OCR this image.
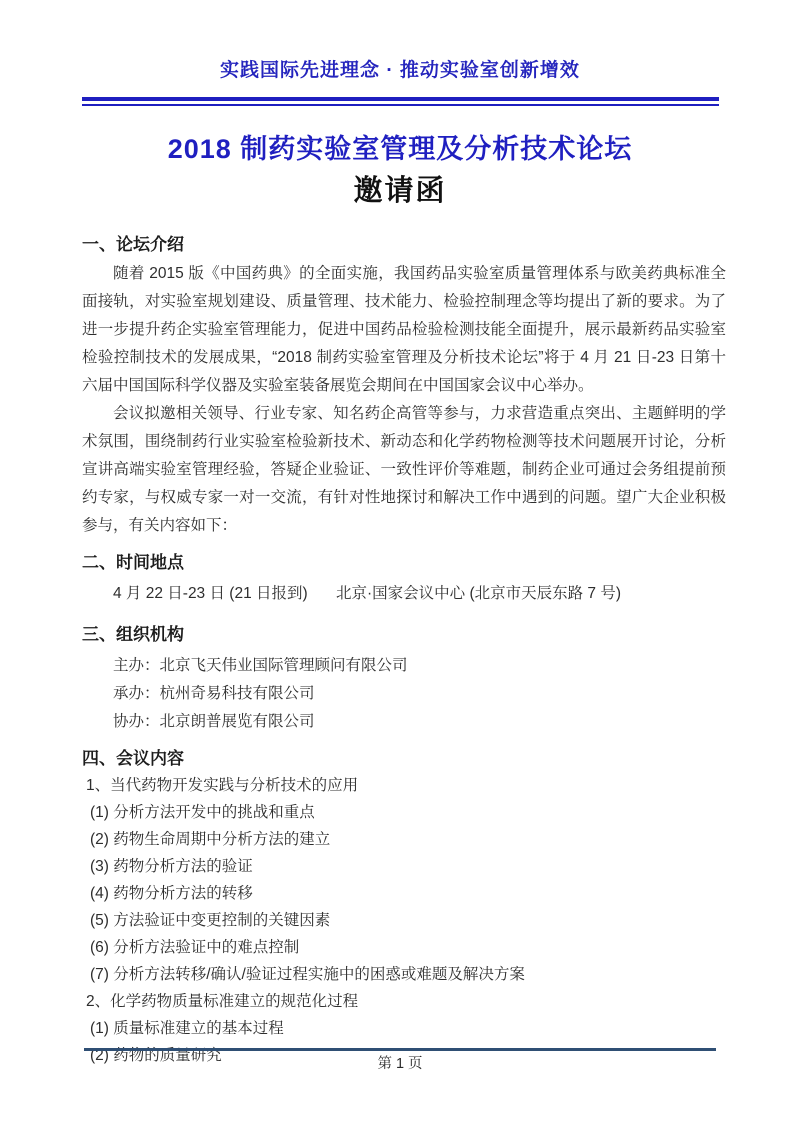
实践国际先进理念 · 推动实验室创新增效
2018 制药实验室管理及分析技术论坛
邀请函
一、论坛介绍

随着 2015 版《中国药典》的全面实施，我国药品实验室质量管理体系与欧美药典标准全面接轨，对实验室规划建设、质量管理、技术能力、检验控制理念等均提出了新的要求。为了进一步提升药企实验室管理能力，促进中国药品检验检测技能全面提升，展示最新药品实验室检验控制技术的发展成果，“2018 制药实验室管理及分析技术论坛”将于 4 月 21 日-23 日第十六届中国国际科学仪器及实验室装备展览会期间在中国国家会议中心举办。

会议拟邀相关领导、行业专家、知名药企高管等参与，力求营造重点突出、主题鲜明的学术氛围，围绕制药行业实验室检验新技术、新动态和化学药物检测等技术问题展开讨论，分析宣讲高端实验室管理经验，答疑企业验证、一致性评价等难题，制药企业可通过会务组提前预约专家，与权威专家一对一交流，有针对性地探讨和解决工作中遇到的问题。望广大企业积极参与，有关内容如下：

二、时间地点
4 月 22 日-23 日 (21 日报到) 北京·国家会议中心 (北京市天辰东路 7 号)
三、组织机构
主办：北京飞天伟业国际管理顾问有限公司
承办：杭州奇易科技有限公司
协办：北京朗普展览有限公司
四、会议内容
1、当代药物开发实践与分析技术的应用
(1) 分析方法开发中的挑战和重点
(2) 药物生命周期中分析方法的建立
(3) 药物分析方法的验证
(4) 药物分析方法的转移
(5) 方法验证中变更控制的关键因素
(6) 分析方法验证中的难点控制
(7) 分析方法转移/确认/验证过程实施中的困惑或难题及解决方案
2、化学药物质量标准建立的规范化过程
(1) 质量标准建立的基本过程
(2) 药物的质量研究	第 1 页
